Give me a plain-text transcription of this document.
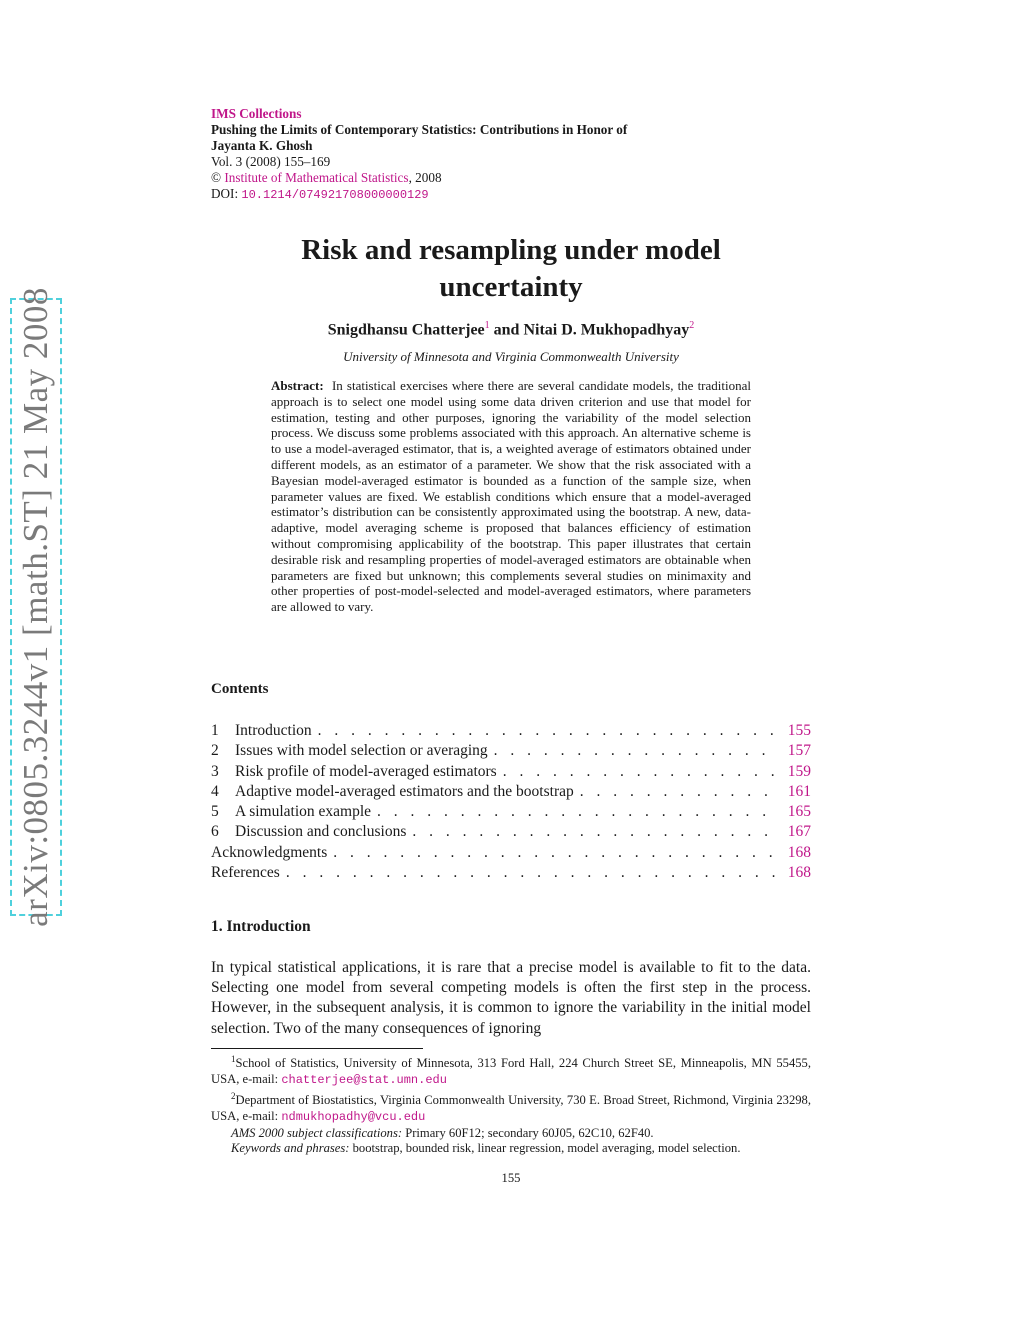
arXiv:0805.3244v1 [math.ST] 21 May 2008
IMS Collections
Pushing the Limits of Contemporary Statistics: Contributions in Honor of
Jayanta K. Ghosh
Vol. 3 (2008) 155–169
© Institute of Mathematical Statistics, 2008
DOI: 10.1214/074921708000000129
Risk and resampling under model
uncertainty
Snigdhansu Chatterjee$^1$ and Nitai D. Mukhopadhyay$^2$
University of Minnesota and Virginia Commonwealth University
Abstract: In statistical exercises where there are several candidate models, the traditional approach is to select one model using some data driven criterion and use that model for estimation, testing and other purposes, ignoring the variability of the model selection process. We discuss some problems associated with this approach. An alternative scheme is to use a model-averaged estimator, that is, a weighted average of estimators obtained under different models, as an estimator of a parameter. We show that the risk associated with a Bayesian model-averaged estimator is bounded as a function of the sample size, when parameter values are fixed. We establish conditions which ensure that a model-averaged estimator’s distribution can be consistently approximated using the bootstrap. A new, data-adaptive, model averaging scheme is proposed that balances efficiency of estimation without compromising applicability of the bootstrap. This paper illustrates that certain desirable risk and resampling properties of model-averaged estimators are obtainable when parameters are fixed but unknown; this complements several studies on minimaxity and other properties of post-model-selected and model-averaged estimators, where parameters are allowed to vary.
Contents
1	Introduction . . .	155
2	Issues with model selection or averaging . . .	157
3	Risk profile of model-averaged estimators . . .	159
4	Adaptive model-averaged estimators and the bootstrap . . .	161
5	A simulation example . . .	165
6	Discussion and conclusions . . .	167
Acknowledgments . . .	168
References . . .	168
1. Introduction
In typical statistical applications, it is rare that a precise model is available to fit to the data. Selecting one model from several competing models is often the first step in the process. However, in the subsequent analysis, it is common to ignore the variability in the initial model selection. Two of the many consequences of ignoring

$^1$School of Statistics, University of Minnesota, 313 Ford Hall, 224 Church Street SE, Minneapolis, MN 55455, USA, e-mail: chatterjee@stat.umn.edu

$^2$Department of Biostatistics, Virginia Commonwealth University, 730 E. Broad Street, Richmond, Virginia 23298, USA, e-mail: ndmukhopadhy@vcu.edu

AMS 2000 subject classifications: Primary 60F12; secondary 60J05, 62C10, 62F40.

Keywords and phrases: bootstrap, bounded risk, linear regression, model averaging, model selection.

155
